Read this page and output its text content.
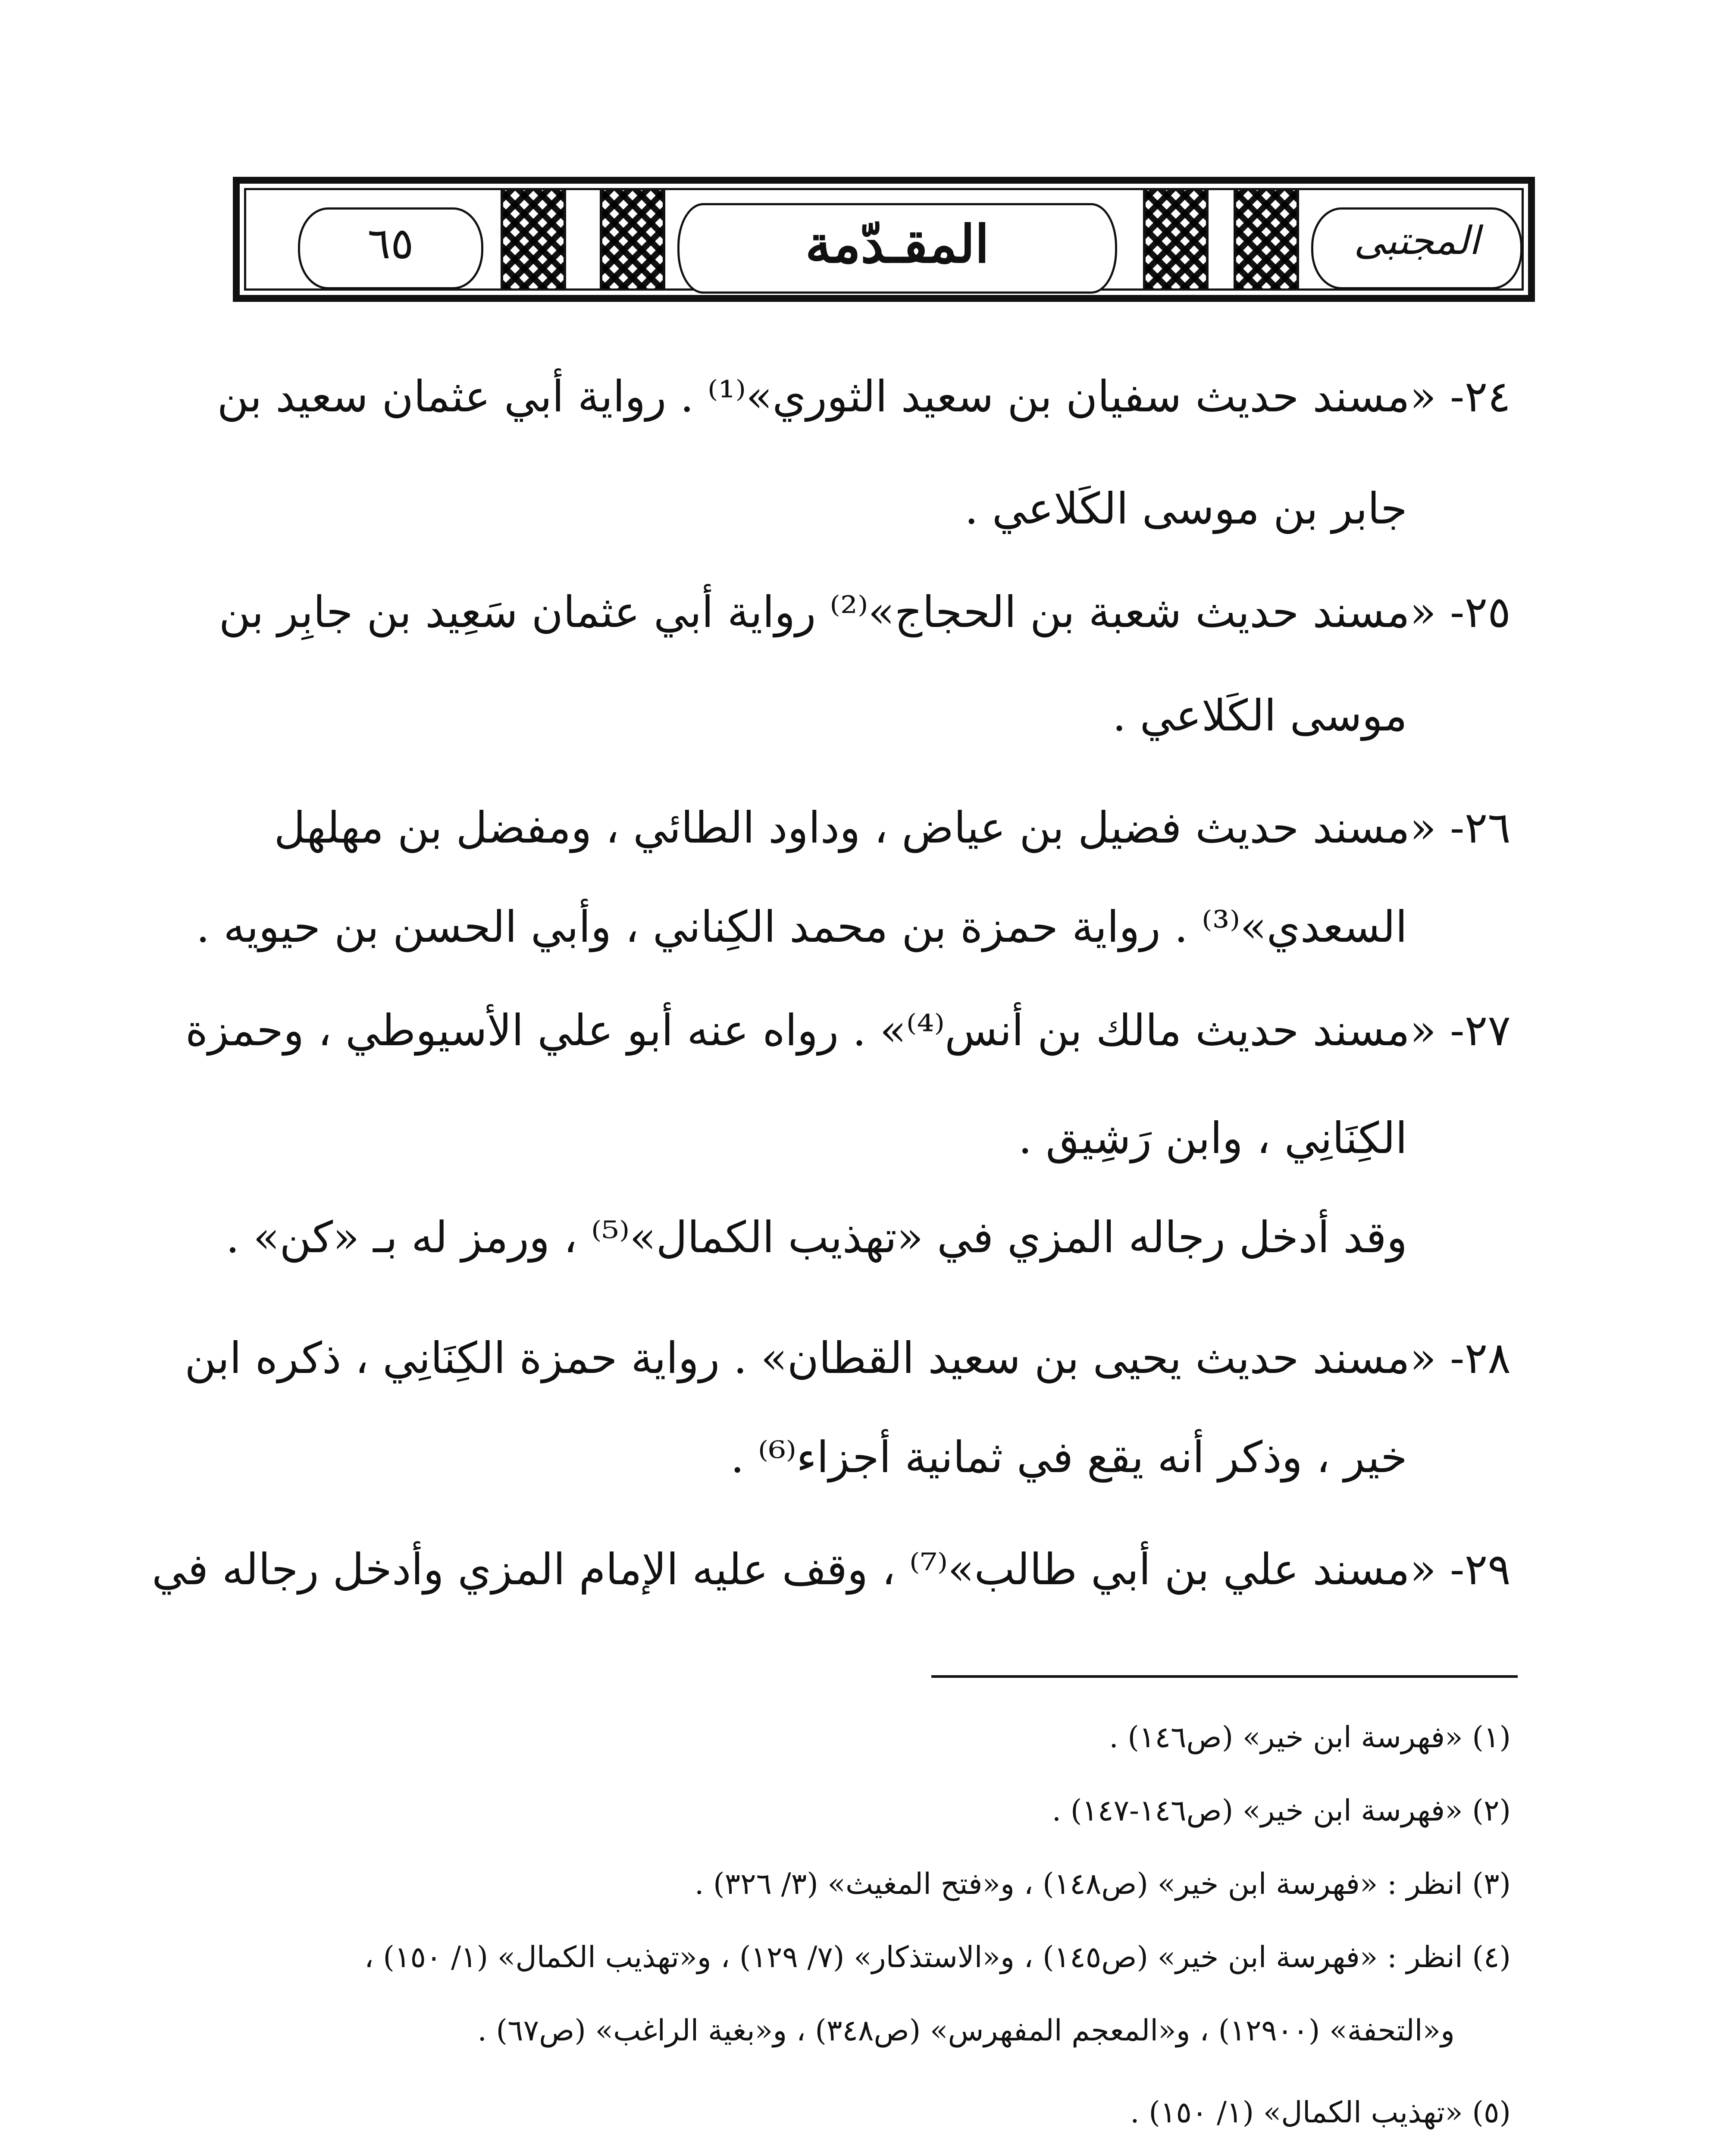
٦٥	المقـدّمة	المجتبى
٢٤- «مسند حديث سفيان بن سعيد الثوري»⁽¹⁾ . رواية أبي عثمان سعيد بن
جابر بن موسى الكَلاعي .
٢٥- «مسند حديث شعبة بن الحجاج»⁽²⁾ رواية أبي عثمان سَعِيد بن جابِر بن
موسى الكَلاعي .
٢٦- «مسند حديث فضيل بن عياض ، وداود الطائي ، ومفضل بن مهلهل
السعدي»⁽³⁾ . رواية حمزة بن محمد الكِناني ، وأبي الحسن بن حيويه .
٢٧- «مسند حديث مالك بن أنس⁽⁴⁾» . رواه عنه أبو علي الأسيوطي ، وحمزة
الكِنَانِي ، وابن رَشِيق .
وقد أدخل رجاله المزي في «تهذيب الكمال»⁽⁵⁾ ، ورمز له بـ «كن» .
٢٨- «مسند حديث يحيى بن سعيد القطان» . رواية حمزة الكِنَانِي ، ذكره ابن
خير ، وذكر أنه يقع في ثمانية أجزاء⁽⁶⁾ .
٢٩- «مسند علي بن أبي طالب»⁽⁷⁾ ، وقف عليه الإمام المزي وأدخل رجاله في
(١) «فهرسة ابن خير» (ص١٤٦) .
(٢) «فهرسة ابن خير» (ص١٤٦-١٤٧) .
(٣) انظر : «فهرسة ابن خير» (ص١٤٨) ، و«فتح المغيث» (٣/ ٣٢٦) .
(٤) انظر : «فهرسة ابن خير» (ص١٤٥) ، و«الاستذكار» (٧/ ١٢٩) ، و«تهذيب الكمال» (١/ ١٥٠) ،
و«التحفة» (١٢٩٠٠) ، و«المعجم المفهرس» (ص٣٤٨) ، و«بغية الراغب» (ص٦٧) .
(٥) «تهذيب الكمال» (١/ ١٥٠) .
